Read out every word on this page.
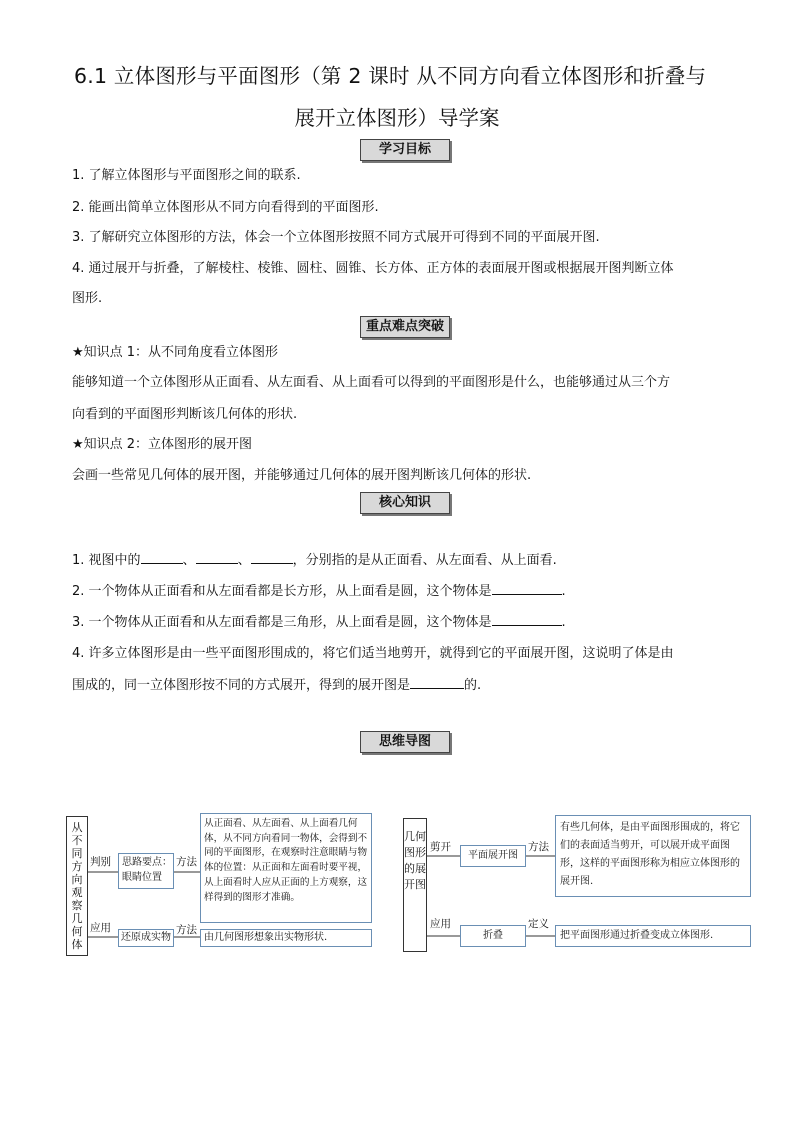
6.1 立体图形与平面图形（第 2 课时 从不同方向看立体图形和折叠与
展开立体图形）导学案
学习目标
1. 了解立体图形与平面图形之间的联系.
2. 能画出简单立体图形从不同方向看得到的平面图形.
3. 了解研究立体图形的方法，体会一个立体图形按照不同方式展开可得到不同的平面展开图.
4. 通过展开与折叠，了解棱柱、棱锥、圆柱、圆锥、长方体、正方体的表面展开图或根据展开图判断立体
图形.
重点难点突破
★知识点 1：从不同角度看立体图形
能够知道一个立体图形从正面看、从左面看、从上面看可以得到的平面图形是什么，也能够通过从三个方
向看到的平面图形判断该几何体的形状.
★知识点 2：立体图形的展开图
会画一些常见几何体的展开图，并能够通过几何体的展开图判断该几何体的形状.
核心知识
1. 视图中的	、	、	，分别指的是从正面看、从左面看、从上面看.
2. 一个物体从正面看和从左面看都是长方形，从上面看是圆，这个物体是	.
3. 一个物体从正面看和从左面看都是三角形，从上面看是圆，这个物体是	.
4. 许多立体图形是由一些平面图形围成的，将它们适当地剪开，就得到它的平面展开图，这说明了体是由
围成的，同一立体图形按不同的方式展开，得到的展开图是	的.
思维导图
从不同方向观察几何体
判别
应用
思路要点：眼睛位置
方法
从正面看、从左面看、从上面看几何体，从不同方向看同一物体，会得到不同的平面图形，在观察时注意眼睛与物体的位置：从正面和左面看时要平视，从上面看时人应从正面的上方观察，这样得到的图形才准确。
还原成实物
方法
由几何图形想象出实物形状.
几何图形的展开图
剪开
应用
平面展开图
方法
有些几何体，是由平面图形围成的，将它们的表面适当剪开，可以展开成平面图形，这样的平面图形称为相应立体图形的展开图.
折叠
定义
把平面图形通过折叠变成立体图形.
